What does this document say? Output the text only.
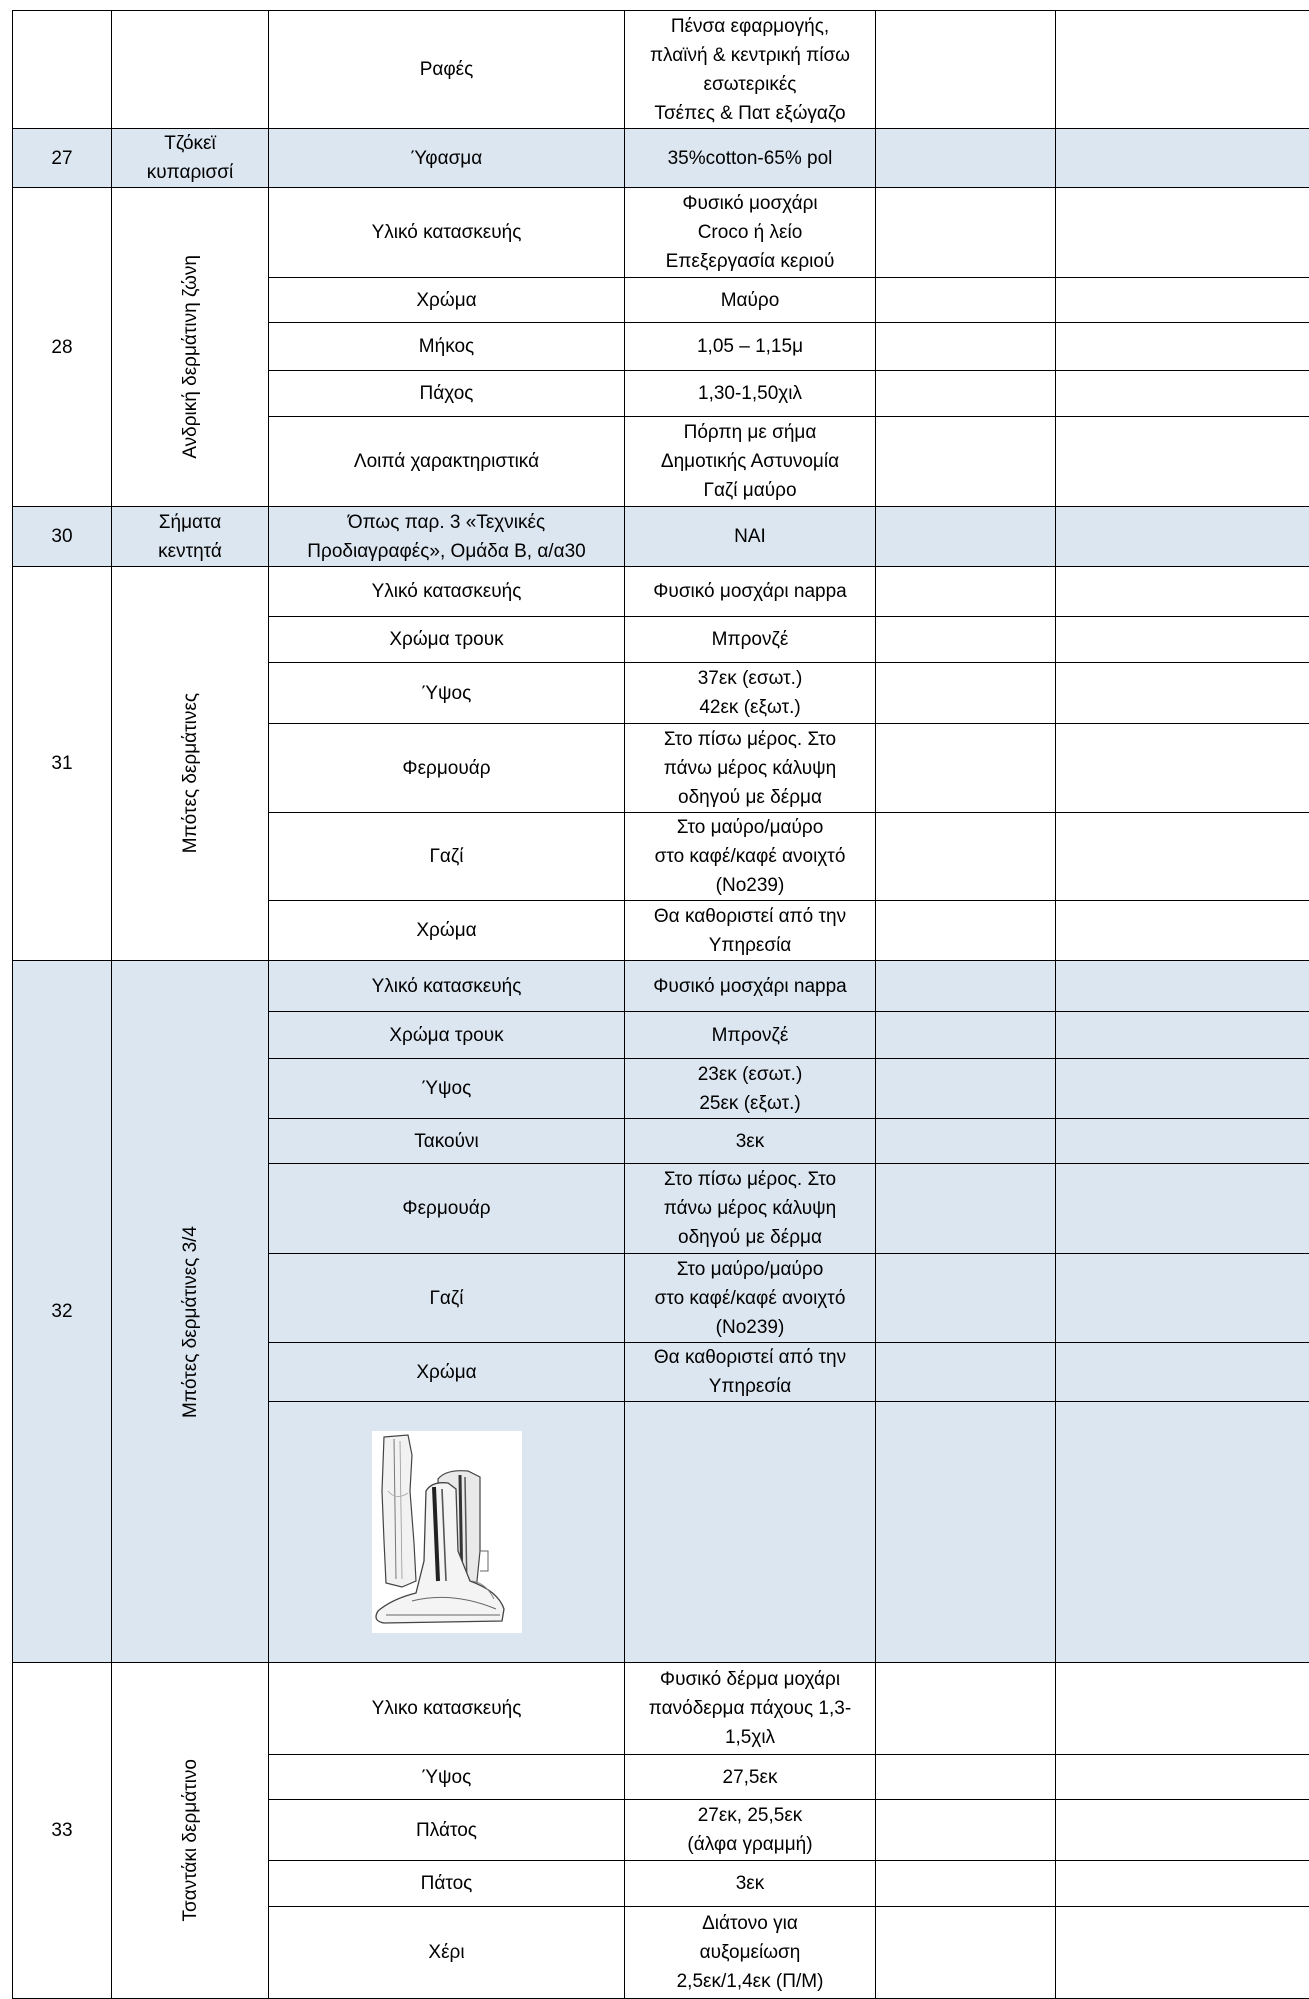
		Ραφές	Πένσα εφαρμογής,
πλαϊνή & κεντρική πίσω
εσωτερικές
Τσέπες & Πατ εξώγαζο		
27	Τζόκεϊ
κυπαρισσί	Ύφασμα	35%cotton-65% pol		
28	Ανδρική δερμάτινη ζώνη	Υλικό κατασκευής	Φυσικό μοσχάρι
Croco ή λείο
Επεξεργασία κεριού		
		Χρώμα	Μαύρο		
		Μήκος	1,05 – 1,15μ		
		Πάχος	1,30-1,50χιλ		
		Λοιπά χαρακτηριστικά	Πόρπη με σήμα
Δημοτικής Αστυνομία
Γαζί μαύρο		
30	Σήματα
κεντητά	Όπως παρ. 3 «Τεχνικές
Προδιαγραφές», Ομάδα Β, α/α30	ΝΑΙ		
31	Μπότες δερμάτινες	Υλικό κατασκευής	Φυσικό μοσχάρι nappa		
		Χρώμα τρουκ	Μπρονζέ		
		Ύψος	37εκ (εσωτ.)
42εκ (εξωτ.)		
		Φερμουάρ	Στο πίσω μέρος. Στο
πάνω μέρος κάλυψη
οδηγού με δέρμα		
		Γαζί	Στο μαύρο/μαύρο
στο καφέ/καφέ ανοιχτό
(Νο239)		
		Χρώμα	Θα καθοριστεί από την
Υπηρεσία		
32	Μπότες δερμάτινες 3/4	Υλικό κατασκευής	Φυσικό μοσχάρι nappa		
		Χρώμα τρουκ	Μπρονζέ		
		Ύψος	23εκ (εσωτ.)
25εκ (εξωτ.)		
		Τακούνι	3εκ		
		Φερμουάρ	Στο πίσω μέρος. Στο
πάνω μέρος κάλυψη
οδηγού με δέρμα		
		Γαζί	Στο μαύρο/μαύρο
στο καφέ/καφέ ανοιχτό
(Νο239)		
		Χρώμα	Θα καθοριστεί από την
Υπηρεσία		

33	Τσαντάκι δερμάτινο	Υλικο κατασκευής	Φυσικό δέρμα μοχάρι
πανόδερμα πάχους 1,3-
1,5χιλ		
		Ύψος	27,5εκ		
		Πλάτος	27εκ, 25,5εκ
(άλφα γραμμή)		
		Πάτος	3εκ		
		Χέρι	Διάτονο για
αυξομείωση
2,5εκ/1,4εκ (Π/Μ)		
